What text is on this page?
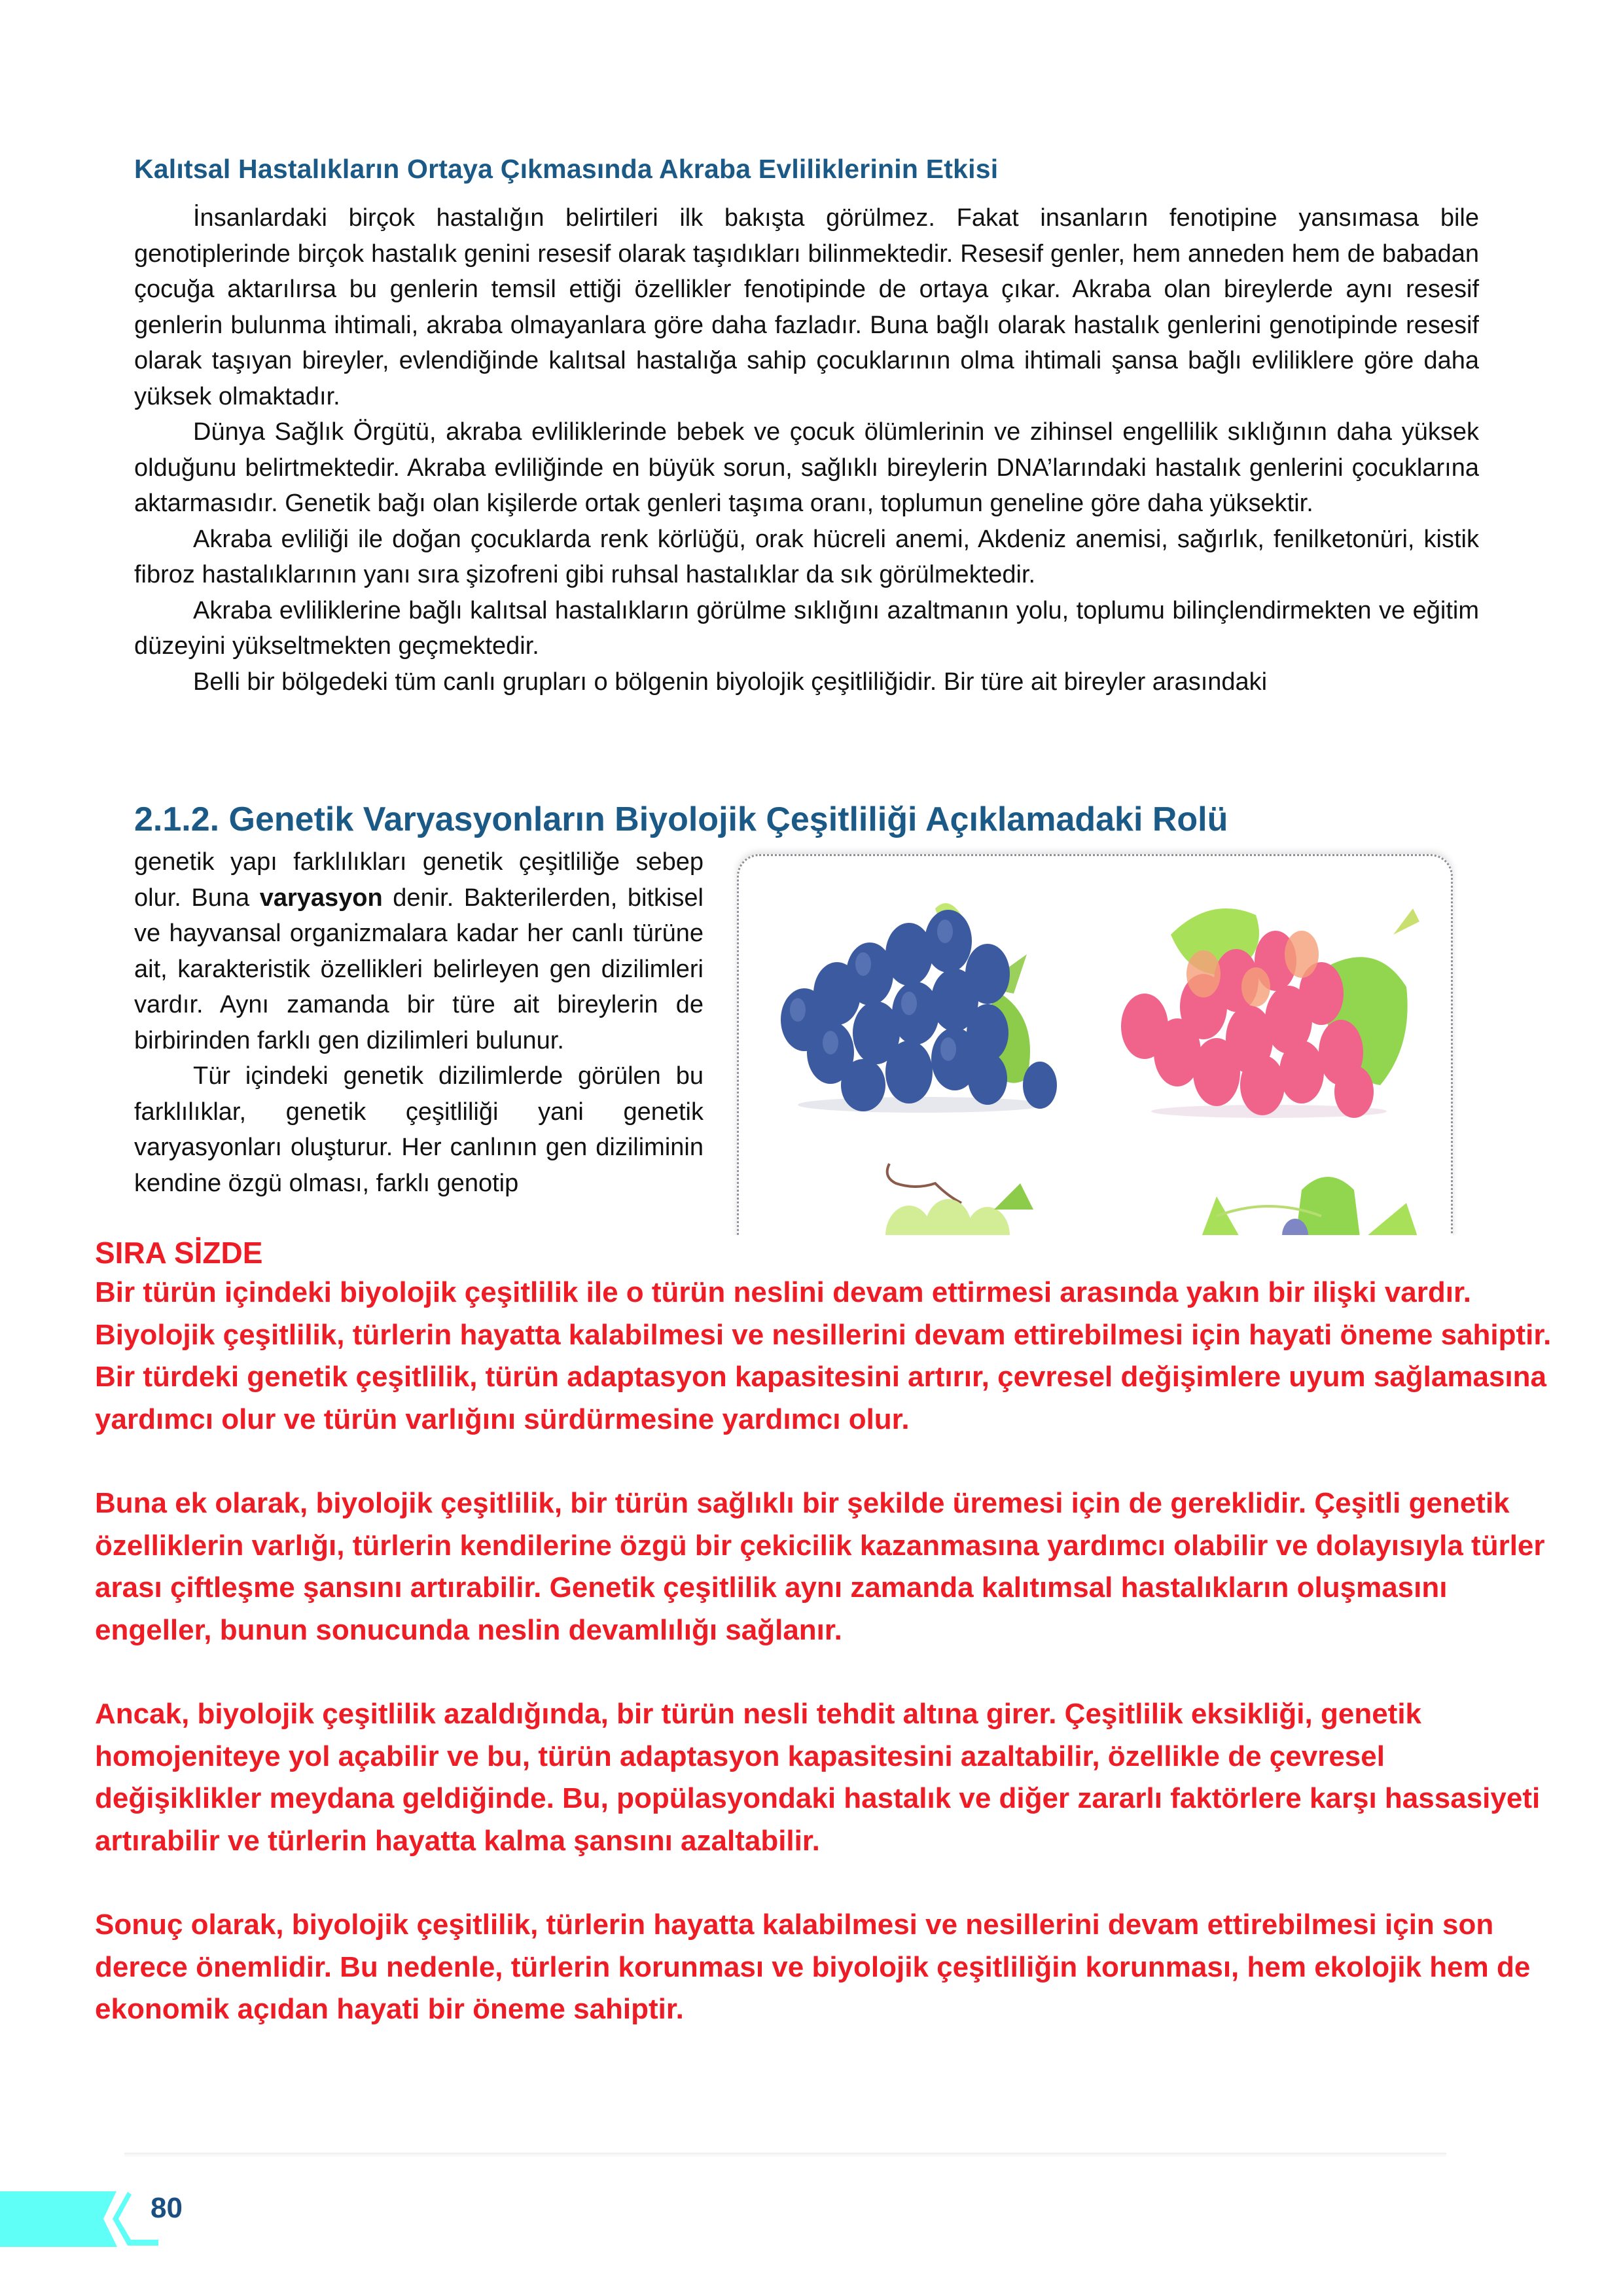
Kalıtsal Hastalıkların Ortaya Çıkmasında Akraba Evliliklerinin Etkisi

İnsanlardaki birçok hastalığın belirtileri ilk bakışta görülmez. Fakat insanların fenotipine yansımasa bile genotiplerinde birçok hastalık genini resesif olarak taşıdıkları bilinmektedir. Resesif genler, hem anneden hem de babadan çocuğa aktarılırsa bu genlerin temsil ettiği özellikler fenotipinde de ortaya çıkar. Akraba olan bireylerde aynı resesif genlerin bulunma ihtimali, akraba olmayanlara göre daha fazladır. Buna bağlı olarak hastalık genlerini genotipinde resesif olarak taşıyan bireyler, evlendiğinde kalıtsal hastalığa sahip çocuklarının olma ihtimali şansa bağlı evliliklere göre daha yüksek olmaktadır.

Dünya Sağlık Örgütü, akraba evliliklerinde bebek ve çocuk ölümlerinin ve zihinsel engellilik sıklığının daha yüksek olduğunu belirtmektedir. Akraba evliliğinde en büyük sorun, sağlıklı bireylerin DNA’larındaki hastalık genlerini çocuklarına aktarmasıdır. Genetik bağı olan kişilerde ortak genleri taşıma oranı, toplumun geneline göre daha yüksektir.

Akraba evliliği ile doğan çocuklarda renk körlüğü, orak hücreli anemi, Akdeniz anemisi, sağırlık, fenilketonüri, kistik fibroz hastalıklarının yanı sıra şizofreni gibi ruhsal hastalıklar da sık görülmektedir.

Akraba evliliklerine bağlı kalıtsal hastalıkların görülme sıklığını azaltmanın yolu, toplumu bilinçlendirmekten ve eğitim düzeyini yükseltmekten geçmektedir.

Belli bir bölgedeki tüm canlı grupları o bölgenin biyolojik çeşitliliğidir. Bir türe ait bireyler arasındaki

2.1.2. Genetik Varyasyonların Biyolojik Çeşitliliği Açıklamadaki Rolü

genetik yapı farklılıkları genetik çeşitliliğe sebep olur. Buna varyasyon denir. Bakterilerden, bitkisel ve hayvansal organizmalara kadar her canlı türüne ait, karakteristik özellikleri belirleyen gen dizilimleri vardır. Aynı zamanda bir türe ait bireylerin de birbirinden farklı gen dizilimleri bulunur.

Tür içindeki genetik dizilimlerde görülen bu farklılıklar, genetik çeşitliliği yani genetik varyasyonları oluşturur. Her canlının gen diziliminin kendine özgü olması, farklı genotip

SIRA SİZDE

Bir türün içindeki biyolojik çeşitlilik ile o türün neslini devam ettirmesi arasında yakın bir ilişki vardır. Biyolojik çeşitlilik, türlerin hayatta kalabilmesi ve nesillerini devam ettirebilmesi için hayati öneme sahiptir. Bir türdeki genetik çeşitlilik, türün adaptasyon kapasitesini artırır, çevresel değişimlere uyum sağlamasına yardımcı olur ve türün varlığını sürdürmesine yardımcı olur.

Buna ek olarak, biyolojik çeşitlilik, bir türün sağlıklı bir şekilde üremesi için de gereklidir. Çeşitli genetik özelliklerin varlığı, türlerin kendilerine özgü bir çekicilik kazanmasına yardımcı olabilir ve dolayısıyla türler arası çiftleşme şansını artırabilir. Genetik çeşitlilik aynı zamanda kalıtımsal hastalıkların oluşmasını engeller, bunun sonucunda neslin devamlılığı sağlanır.

Ancak, biyolojik çeşitlilik azaldığında, bir türün nesli tehdit altına girer. Çeşitlilik eksikliği, genetik homojeniteye yol açabilir ve bu, türün adaptasyon kapasitesini azaltabilir, özellikle de çevresel değişiklikler meydana geldiğinde. Bu, popülasyondaki hastalık ve diğer zararlı faktörlere karşı hassasiyeti artırabilir ve türlerin hayatta kalma şansını azaltabilir.

Sonuç olarak, biyolojik çeşitlilik, türlerin hayatta kalabilmesi ve nesillerini devam ettirebilmesi için son derece önemlidir. Bu nedenle, türlerin korunması ve biyolojik çeşitliliğin korunması, hem ekolojik hem de ekonomik açıdan hayati bir öneme sahiptir.

80
